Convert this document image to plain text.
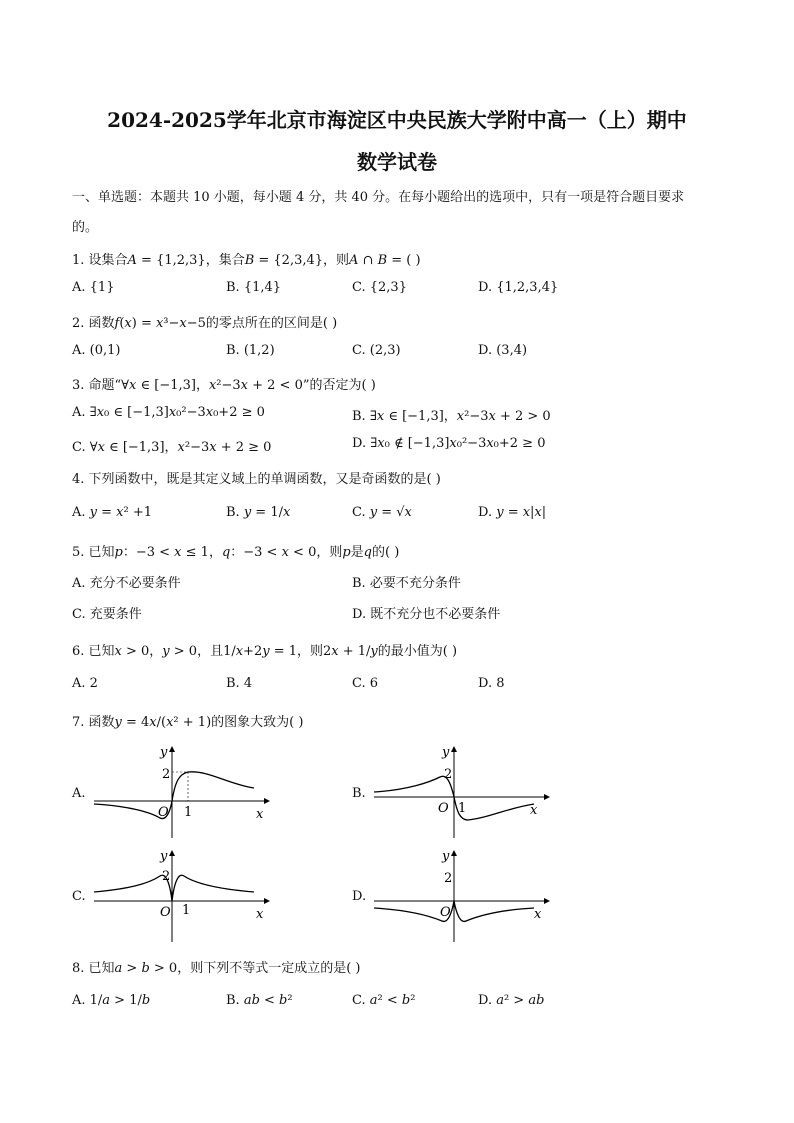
2024-2025学年北京市海淀区中央民族大学附中高一（上）期中
数学试卷
一、单选题：本题共 10 小题，每小题 4 分，共 40 分。在每小题给出的选项中，只有一项是符合题目要求
的。
1. 设集合𝐴 = {1,2,3}，集合𝐵 = {2,3,4}，则𝐴 ∩ 𝐵 = ( )
A. {1}	B. {1,4}	C. {2,3}	D. {1,2,3,4}
2. 函数𝑓(𝑥) = 𝑥³−𝑥−5的零点所在的区间是( )
A. (0,1)	B. (1,2)	C. (2,3)	D. (3,4)
3. 命题“∀𝑥 ∈ [−1,3]，𝑥²−3𝑥 + 2 < 0”的否定为( )
A. ∃𝑥₀ ∈ [−1,3]𝑥₀²−3𝑥₀+2 ≥ 0	B. ∃𝑥 ∈ [−1,3]，𝑥²−3𝑥 + 2 > 0
C. ∀𝑥 ∈ [−1,3]，𝑥²−3𝑥 + 2 ≥ 0	D. ∃𝑥₀ ∉ [−1,3]𝑥₀²−3𝑥₀+2 ≥ 0
4. 下列函数中，既是其定义域上的单调函数，又是奇函数的是( )
A. 𝑦 = 𝑥² +1	B. 𝑦 = 1/𝑥	C. 𝑦 = √𝑥	D. 𝑦 = 𝑥|𝑥|
5. 已知𝑝：−3 < 𝑥 ≤ 1，𝑞：−3 < 𝑥 < 0，则𝑝是𝑞的( )
A. 充分不必要条件	B. 必要不充分条件
C. 充要条件	D. 既不充分也不必要条件
6. 已知𝑥 > 0，𝑦 > 0，且1/𝑥+2𝑦 = 1，则2𝑥 + 1/𝑦的最小值为( )
A. 2	B. 4	C. 6	D. 8
7. 函数𝑦 = 4𝑥/(𝑥² + 1)的图象大致为( )
A.
y
2
O 1	x
B.
y
2
O 1	x
C.
y
2
O 1	x
D.
y
2
O	x
8. 已知𝑎 > 𝑏 > 0，则下列不等式一定成立的是( )
A. 1/𝑎 > 1/𝑏	B. 𝑎𝑏 < 𝑏²	C. 𝑎² < 𝑏²	D. 𝑎² > 𝑎𝑏
